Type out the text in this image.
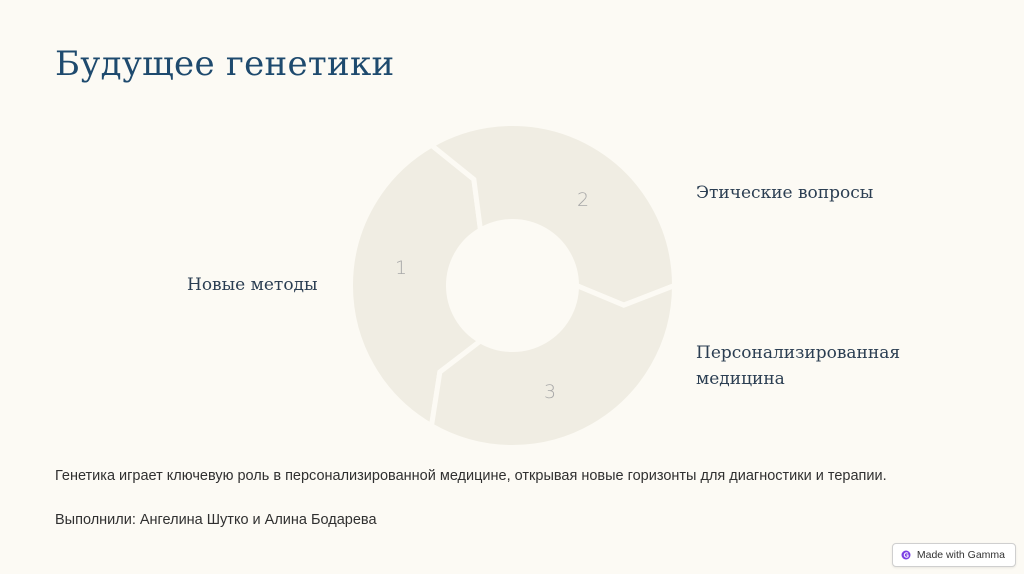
Будущее генетики
1
2
3
Новые методы
Этические вопросы
Персонализированная медицина
Генетика играет ключевую роль в персонализированной медицине, открывая новые горизонты для диагностики и терапии.
Выполнили: Ангелина Шутко и Алина Бодарева
Made with Gamma
